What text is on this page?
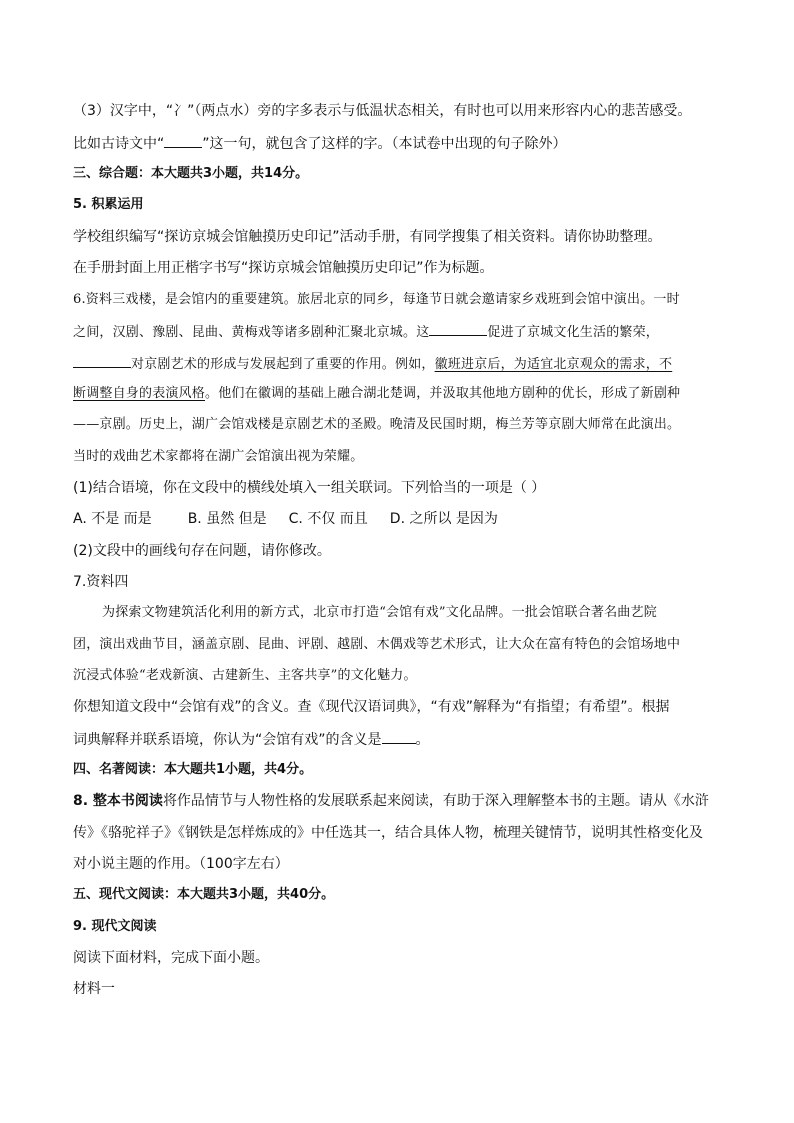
（3）汉字中，“冫”（两点水）旁的字多表示与低温状态相关，有时也可以用来形容内心的悲苦感受。
比如古诗文中“	”这一句，就包含了这样的字。（本试卷中出现的句子除外）
三、综合题：本大题共3小题，共14分。
5. 积累运用
学校组织编写“探访京城会馆触摸历史印记”活动手册，有同学搜集了相关资料。请你协助整理。
在手册封面上用正楷字书写“探访京城会馆触摸历史印记”作为标题。
6.资料三戏楼，是会馆内的重要建筑。旅居北京的同乡，每逢节日就会邀请家乡戏班到会馆中演出。一时
之间，汉剧、豫剧、昆曲、黄梅戏等诸多剧种汇聚北京城。这	促进了京城文化生活的繁荣，
对京剧艺术的形成与发展起到了重要的作用。例如，徽班进京后，为适宜北京观众的需求，不
断调整自身的表演风格。他们在徽调的基础上融合湖北楚调，并汲取其他地方剧种的优长，形成了新剧种
——京剧。历史上，湖广会馆戏楼是京剧艺术的圣殿。晚清及民国时期，梅兰芳等京剧大师常在此演出。
当时的戏曲艺术家都将在湖广会馆演出视为荣耀。
(1)结合语境，你在文段中的横线处填入一组关联词。下列恰当的一项是（ ）
A. 不是 而是	B. 虽然 但是 C. 不仅 而且 D. 之所以 是因为
(2)文段中的画线句存在问题，请你修改。
7.资料四
为探索文物建筑活化利用的新方式，北京市打造“会馆有戏”文化品牌。一批会馆联合著名曲艺院
团，演出戏曲节目，涵盖京剧、昆曲、评剧、越剧、木偶戏等艺术形式，让大众在富有特色的会馆场地中
沉浸式体验“老戏新演、古建新生、主客共享”的文化魅力。
你想知道文段中“会馆有戏”的含义。查《现代汉语词典》，“有戏”解释为“有指望；有希望”。根据
词典解释并联系语境，你认为“会馆有戏”的含义是 。
四、名著阅读：本大题共1小题，共4分。
8. 整本书阅读将作品情节与人物性格的发展联系起来阅读，有助于深入理解整本书的主题。请从《水浒
传》《骆驼祥子》《钢铁是怎样炼成的》中任选其一，结合具体人物，梳理关键情节，说明其性格变化及
对小说主题的作用。（100字左右）
五、现代文阅读：本大题共3小题，共40分。
9. 现代文阅读
阅读下面材料，完成下面小题。
材料一
